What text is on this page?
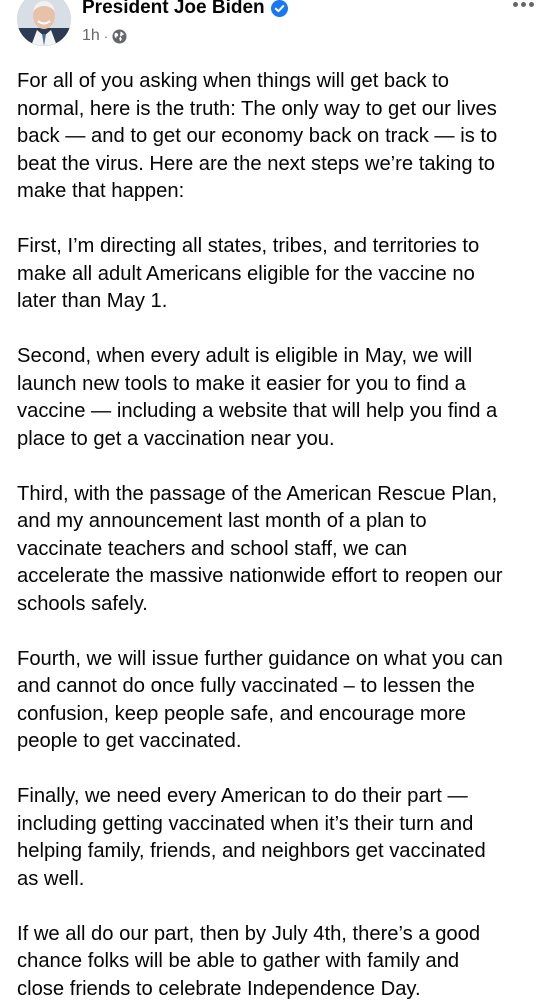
President Joe Biden
1h ·

For all of you asking when things will get back to
normal, here is the truth: The only way to get our lives
back — and to get our economy back on track — is to
beat the virus. Here are the next steps we’re taking to
make that happen:

First, I’m directing all states, tribes, and territories to
make all adult Americans eligible for the vaccine no
later than May 1.

Second, when every adult is eligible in May, we will
launch new tools to make it easier for you to find a
vaccine — including a website that will help you find a
place to get a vaccination near you.

Third, with the passage of the American Rescue Plan,
and my announcement last month of a plan to
vaccinate teachers and school staff, we can
accelerate the massive nationwide effort to reopen our
schools safely.

Fourth, we will issue further guidance on what you can
and cannot do once fully vaccinated – to lessen the
confusion, keep people safe, and encourage more
people to get vaccinated.

Finally, we need every American to do their part —
including getting vaccinated when it’s their turn and
helping family, friends, and neighbors get vaccinated
as well.

If we all do our part, then by July 4th, there’s a good
chance folks will be able to gather with family and
close friends to celebrate Independence Day.
